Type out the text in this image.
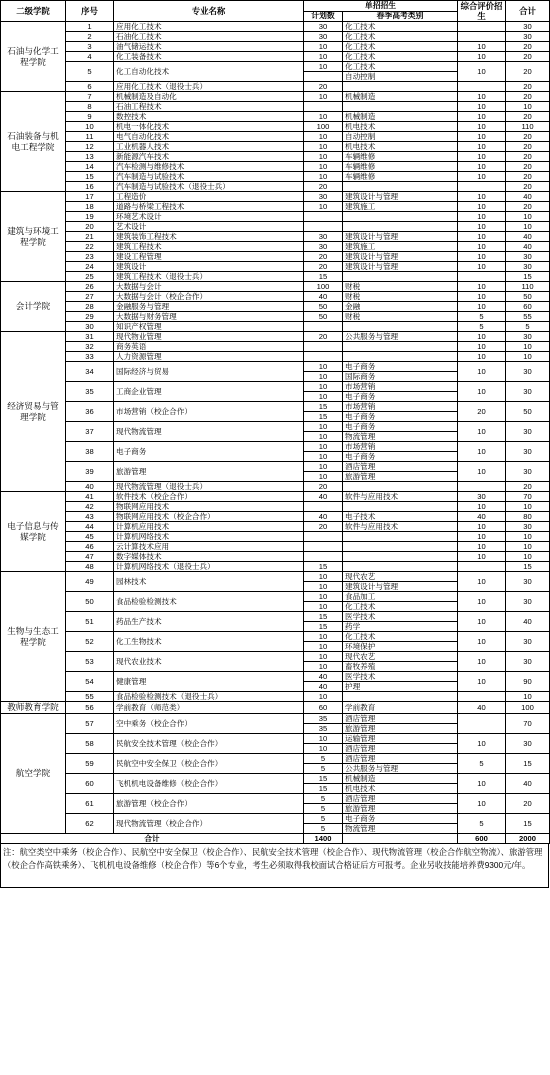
二级学院	序号	专业名称	单招招生		综合评价招生	合计
			计划数	春季高考类别		
石油与化学工程学院	1	应用化工技术	30	化工技术		30
	2	石油化工技术	30	化工技术		30
	3	油气储运技术	10	化工技术	10	20
	4	化工装备技术	10	化工技术	10	20
	5	化工自动化技术	10	化工技术	10	20
				自动控制		
	6	应用化工技术（退役士兵）	20			20
石油装备与机电工程学院	7	机械制造及自动化	10	机械制造	10	20
	8	石油工程技术			10	10
	9	数控技术	10	机械制造	10	20
	10	机电一体化技术	100	机电技术	10	110
	11	电气自动化技术	10	自动控制	10	20
	12	工业机器人技术	10	机电技术	10	20
	13	新能源汽车技术	10	车辆维修	10	20
	14	汽车检测与维修技术	10	车辆维修	10	20
	15	汽车制造与试验技术	10	车辆维修	10	20
	16	汽车制造与试验技术（退役士兵）	20			20
建筑与环境工程学院	17	工程造价	30	建筑设计与管理	10	40
	18	道路与桥梁工程技术	10	建筑施工	10	20
	19	环境艺术设计			10	10
	20	艺术设计			10	10
	21	建筑装饰工程技术	30	建筑设计与管理	10	40
	22	建筑工程技术	30	建筑施工	10	40
	23	建设工程管理	20	建筑设计与管理	10	30
	24	建筑设计	20	建筑设计与管理	10	30
	25	建筑工程技术（退役士兵）	15			15
会计学院	26	大数据与会计	100	财税	10	110
	27	大数据与会计（校企合作）	40	财税	10	50
	28	金融服务与管理	50	金融	10	60
	29	大数据与财务管理	50	财税	5	55
	30	知识产权管理			5	5
经济贸易与管理学院	31	现代物业管理	20	公共服务与管理	10	30
	32	商务英语			10	10
	33	人力资源管理			10	10
	34	国际经济与贸易	10	电子商务	10	30
			10	国际商务		
	35	工商企业管理	10	市场营销	10	30
			10	电子商务		
	36	市场营销（校企合作）	15	市场营销	20	50
			15	电子商务		
	37	现代物流管理	10	电子商务	10	30
			10	物流管理		
	38	电子商务	10	市场营销	10	30
			10	电子商务		
	39	旅游管理	10	酒店管理	10	30
			10	旅游管理		
	40	现代物流管理（退役士兵）	20			20
电子信息与传媒学院	41	软件技术（校企合作）	40	软件与应用技术	30	70
	42	物联网应用技术			10	10
	43	物联网应用技术（校企合作）	40	电子技术	40	80
	44	计算机应用技术	20	软件与应用技术	10	30
	45	计算机网络技术			10	10
	46	云计算技术应用			10	10
	47	数字媒体技术			10	10
	48	计算机网络技术（退役士兵）	15			15
生物与生态工程学院	49	园林技术	10	现代农艺	10	30
			10	建筑设计与管理		
	50	食品检验检测技术	10	食品加工	10	30
			10	化工技术		
	51	药品生产技术	15	医学技术	10	40
			15	药学		
	52	化工生物技术	10	化工技术	10	30
			10	环境保护		
	53	现代农业技术	10	现代农艺	10	30
			10	畜牧养殖		
	54	健康管理	40	医学技术	10	90
			40	护理		
	55	食品检验检测技术（退役士兵）	10			10
教师教育学院	56	学前教育（师范类）	60	学前教育	40	100
航空学院	57	空中乘务（校企合作）	35	酒店管理		70
			35	旅游管理		
	58	民航安全技术管理（校企合作）	10	运输管理	10	30
			10	酒店管理		
	59	民航空中安全保卫（校企合作）	5	酒店管理	5	15
			5	公共服务与管理		
	60	飞机机电设备维修（校企合作）	15	机械制造	10	40
			15	机电技术		
	61	旅游管理（校企合作）	5	酒店管理	10	20
			5	旅游管理		
	62	现代物流管理（校企合作）	5	电子商务	5	15
			5	物流管理		
合计			1400		600	2000
注：航空类空中乘务（校企合作）、民航空中安全保卫（校企合作）、民航安全技术管理（校企合作）、现代物流管理（校企合作航空物流）、旅游管理（校企合作高铁乘务）、飞机机电设备维修（校企合作）等6个专业，考生必须取得我校面试合格证后方可报考。企业另收技能培养费9300元/年。
